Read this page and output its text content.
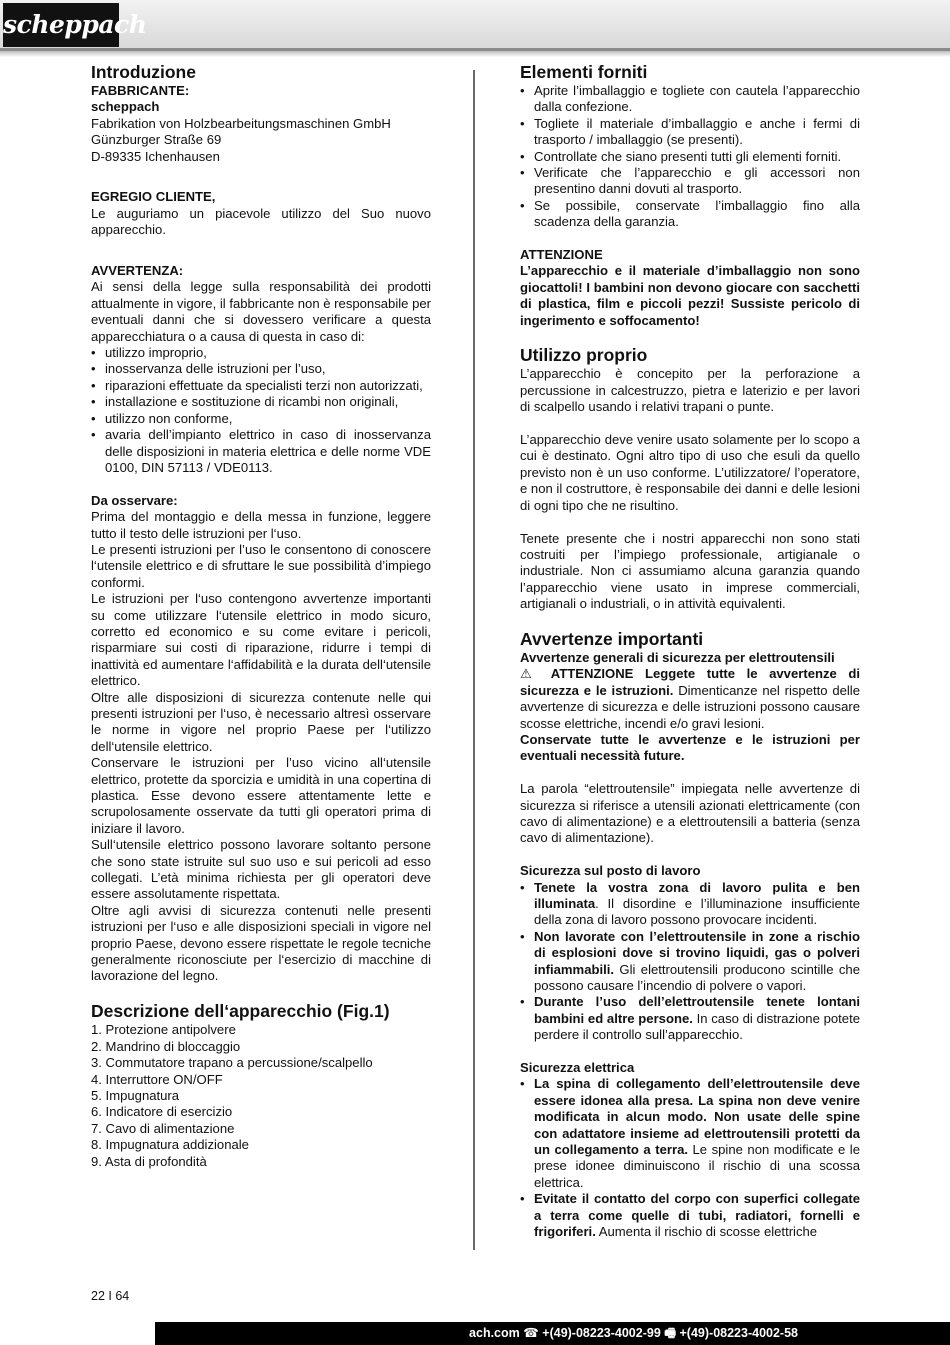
scheppach
Introduzione
FABBRICANTE:
scheppach
Fabrikation von Holzbearbeitungsmaschinen GmbH
Günzburger Straße 69
D-89335 Ichenhausen
EGREGIO CLIENTE,

Le auguriamo un piacevole utilizzo del Suo nuovo apparecchio.

AVVERTENZA:

Ai sensi della legge sulla responsabilità dei prodotti attualmente in vigore, il fabbricante non è responsabile per eventuali danni che si dovessero verificare a questa apparecchiatura o a causa di questa in caso di:

• utilizzo improprio,
• inosservanza delle istruzioni per l’uso,
• riparazioni effettuate da specialisti terzi non autorizzati,
• installazione e sostituzione di ricambi non originali,
• utilizzo non conforme,
• avaria dell’impianto elettrico in caso di inosservanza delle disposizioni in materia elettrica e delle norme VDE 0100, DIN 57113 / VDE0113.
Da osservare:

Prima del montaggio e della messa in funzione, leggere tutto il testo delle istruzioni per l‘uso.

Le presenti istruzioni per l’uso le consentono di conoscere l‘utensile elettrico e di sfruttare le sue possibilità d’impiego conformi.

Le istruzioni per l‘uso contengono avvertenze importanti su come utilizzare l‘utensile elettrico in modo sicuro, corretto ed economico e su come evitare i pericoli, risparmiare sui costi di riparazione, ridurre i tempi di inattività ed aumentare l‘affidabilità e la durata dell‘utensile elettrico.

Oltre alle disposizioni di sicurezza contenute nelle qui presenti istruzioni per l‘uso, è necessario altresì osservare le norme in vigore nel proprio Paese per l‘utilizzo dell‘utensile elettrico.

Conservare le istruzioni per l’uso vicino all‘utensile elettrico, protette da sporcizia e umidità in una copertina di plastica. Esse devono essere attentamente lette e scrupolosamente osservate da tutti gli operatori prima di iniziare il lavoro.

Sull‘utensile elettrico possono lavorare soltanto persone che sono state istruite sul suo uso e sui pericoli ad esso collegati. L’età minima richiesta per gli operatori deve essere assolutamente rispettata.

Oltre agli avvisi di sicurezza contenuti nelle presenti istruzioni per l‘uso e alle disposizioni speciali in vigore nel proprio Paese, devono essere rispettate le regole tecniche generalmente riconosciute per l‘esercizio di macchine di lavorazione del legno.

Descrizione dell‘apparecchio (Fig.1)
1. Protezione antipolvere
2. Mandrino di bloccaggio
3. Commutatore trapano a percussione/scalpello
4. Interruttore ON/OFF
5. Impugnatura
6. Indicatore di esercizio
7. Cavo di alimentazione
8. Impugnatura addizionale
9. Asta di profondità
Elementi forniti
• Aprite l’imballaggio e togliete con cautela l’apparecchio dalla confezione.
• Togliete il materiale d’imballaggio e anche i fermi di trasporto / imballaggio (se presenti).
• Controllate che siano presenti tutti gli elementi forniti.
• Verificate che l’apparecchio e gli accessori non presentino danni dovuti al trasporto.
• Se possibile, conservate l’imballaggio fino alla scadenza della garanzia.
ATTENZIONE

L’apparecchio e il materiale d’imballaggio non sono giocattoli! I bambini non devono giocare con sacchetti di plastica, film e piccoli pezzi! Sussiste pericolo di ingerimento e soffocamento!

Utilizzo proprio

L’apparecchio è concepito per la perforazione a percussione in calcestruzzo, pietra e laterizio e per lavori di scalpello usando i relativi trapani o punte.

L’apparecchio deve venire usato solamente per lo scopo a cui è destinato. Ogni altro tipo di uso che esuli da quello previsto non è un uso conforme. L’utilizzatore/ l’operatore, e non il costruttore, è responsabile dei danni e delle lesioni di ogni tipo che ne risultino.

Tenete presente che i nostri apparecchi non sono stati costruiti per l’impiego professionale, artigianale o industriale. Non ci assumiamo alcuna garanzia quando l’apparecchio viene usato in imprese commerciali, artigianali o industriali, o in attività equivalenti.

Avvertenze importanti
Avvertenze generali di sicurezza per elettroutensili

⚠ ATTENZIONE Leggete tutte le avvertenze di sicurezza e le istruzioni. Dimenticanze nel rispetto delle avvertenze di sicurezza e delle istruzioni possono causare scosse elettriche, incendi e/o gravi lesioni.

Conservate tutte le avvertenze e le istruzioni per eventuali necessità future.

La parola “elettroutensile” impiegata nelle avvertenze di sicurezza si riferisce a utensili azionati elettricamente (con cavo di alimentazione) e a elettroutensili a batteria (senza cavo di alimentazione).

Sicurezza sul posto di lavoro
• Tenete la vostra zona di lavoro pulita e ben illuminata. Il disordine e l’illuminazione insufficiente della zona di lavoro possono provocare incidenti.
• Non lavorate con l’elettroutensile in zone a rischio di esplosioni dove si trovino liquidi, gas o polveri infiammabili. Gli elettroutensili producono scintille che possono causare l’incendio di polvere o vapori.
• Durante l’uso dell’elettroutensile tenete lontani bambini ed altre persone. In caso di distrazione potete perdere il controllo sull’apparecchio.
Sicurezza elettrica
• La spina di collegamento dell’elettroutensile deve essere idonea alla presa. La spina non deve venire modificata in alcun modo. Non usate delle spine con adattatore insieme ad elettroutensili protetti da un collegamento a terra. Le spine non modificate e le prese idonee diminuiscono il rischio di una scossa elettrica.
• Evitate il contatto del corpo con superfici collegate a terra come quelle di tubi, radiatori, fornelli e frigoriferi. Aumenta il rischio di scosse elettriche
22 I 64
ach.com ☎ +(49)-08223-4002-99 🖷 +(49)-08223-4002-58
